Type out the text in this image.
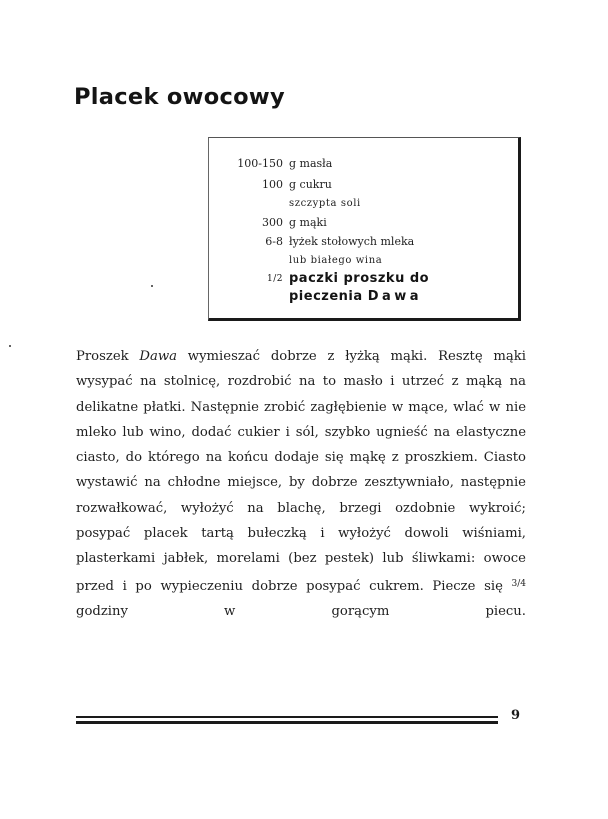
Placek owocowy
100-150 g masła
100 g cukru
szczypta soli
300 g mąki
6-8 łyżek stołowych mleka
lub białego wina
1/2 paczki proszku do
pieczenia Dawa

Proszek Dawa wymieszać dobrze z łyżką mąki. Resztę mąki wysypać na stolnicę, rozdrobić na to masło i utrzeć z mąką na delikatne płatki. Następnie zrobić zagłębienie w mące, wlać w nie mleko lub wino, dodać cukier i sól, szybko ugnieść na elastyczne ciasto, do którego na końcu dodaje się mąkę z proszkiem. Ciasto wystawić na chłodne miejsce, by dobrze zesztywniało, następnie rozwałkować, wyłożyć na blachę, brzegi ozdobnie wykroić; posypać placek tartą bułeczką i wyłożyć dowoli wiśniami, plasterkami jabłek, morelami (bez pestek) lub śliwkami: owoce przed i po wypieczeniu dobrze posypać cukrem. Piecze się $^{3/4}$ godziny w gorącym piecu.

9
